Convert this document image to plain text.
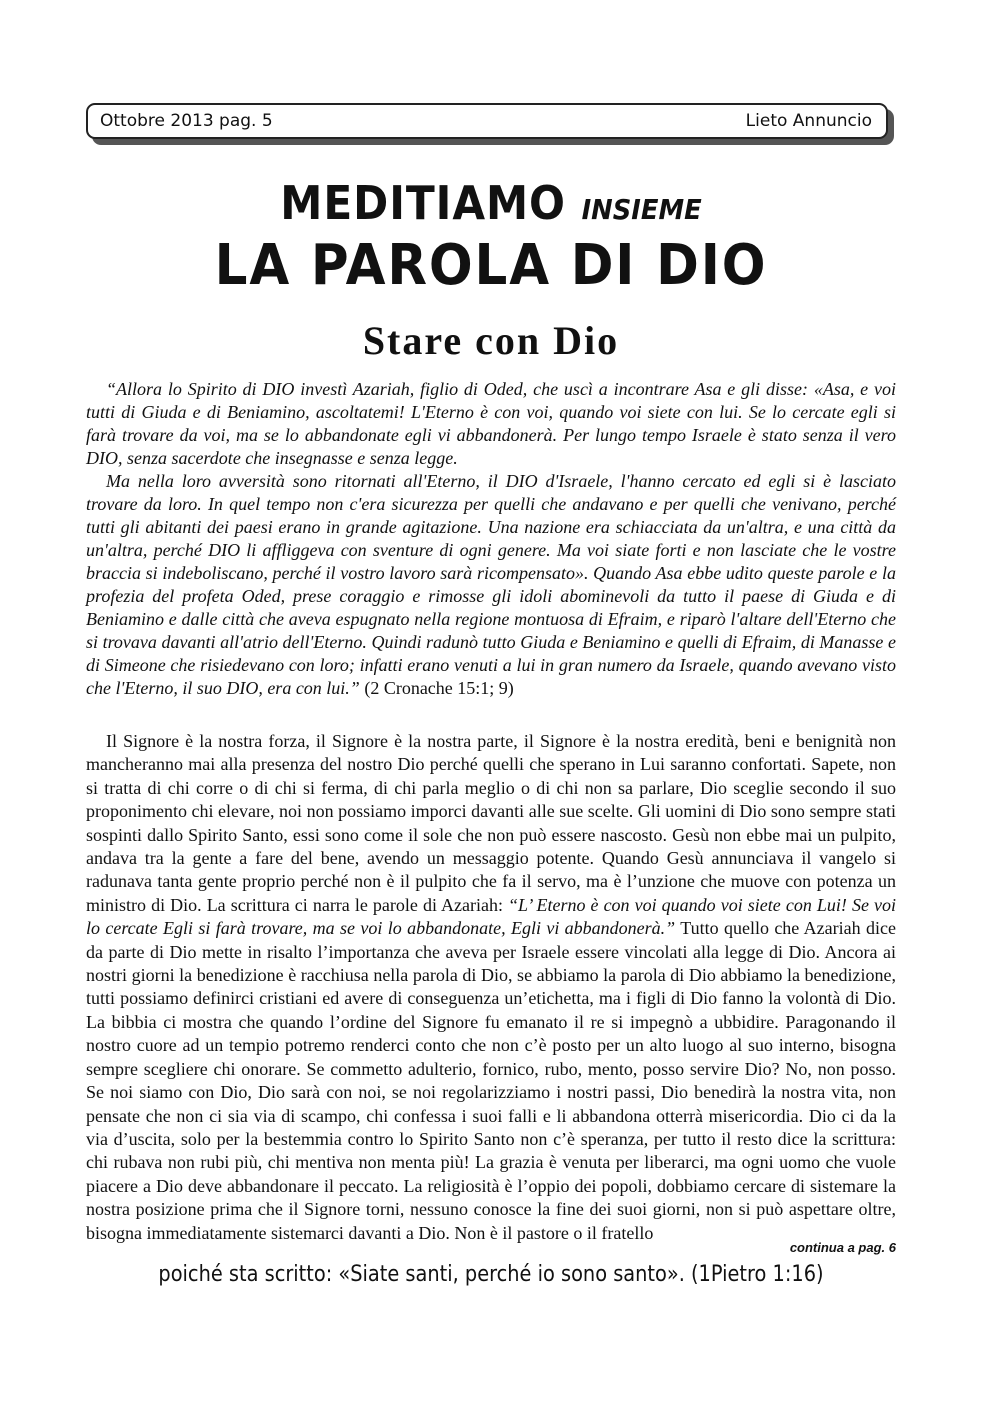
Ottobre 2013 pag. 5	Lieto Annuncio
MEDITIAMO INSIEME
LA PAROLA DI DIO
Stare con Dio

“Allora lo Spirito di DIO investì Azariah, figlio di Oded, che uscì a incontrare Asa e gli disse: «Asa, e voi tutti di Giuda e di Beniamino, ascoltatemi! L'Eterno è con voi, quando voi siete con lui. Se lo cercate egli si farà trovare da voi, ma se lo abbandonate egli vi abbandonerà. Per lungo tempo Israele è stato senza il vero DIO, senza sacerdote che insegnasse e senza legge.

Ma nella loro avversità sono ritornati all'Eterno, il DIO d'Israele, l'hanno cercato ed egli si è lasciato trovare da loro. In quel tempo non c'era sicurezza per quelli che andavano e per quelli che venivano, perché tutti gli abitanti dei paesi erano in grande agitazione. Una nazione era schiacciata da un'altra, e una città da un'altra, perché DIO li affliggeva con sventure di ogni genere. Ma voi siate forti e non lasciate che le vostre braccia si indeboliscano, perché il vostro lavoro sarà ricompensato». Quando Asa ebbe udito queste parole e la profezia del profeta Oded, prese coraggio e rimosse gli idoli abominevoli da tutto il paese di Giuda e di Beniamino e dalle città che aveva espugnato nella regione montuosa di Efraim, e riparò l'altare dell'Eterno che si trovava davanti all'atrio dell'Eterno. Quindi radunò tutto Giuda e Beniamino e quelli di Efraim, di Manasse e di Simeone che risiedevano con loro; infatti erano venuti a lui in gran numero da Israele, quando avevano visto che l'Eterno, il suo DIO, era con lui.” (2 Cronache 15:1; 9)

Il Signore è la nostra forza, il Signore è la nostra parte, il Signore è la nostra eredità, beni e benignità non mancheranno mai alla presenza del nostro Dio perché quelli che sperano in Lui saranno confortati. Sapete, non si tratta di chi corre o di chi si ferma, di chi parla meglio o di chi non sa parlare, Dio sceglie secondo il suo proponimento chi elevare, noi non possiamo imporci davanti alle sue scelte. Gli uomini di Dio sono sempre stati sospinti dallo Spirito Santo, essi sono come il sole che non può essere nascosto. Gesù non ebbe mai un pulpito, andava tra la gente a fare del bene, avendo un messaggio potente. Quando Gesù annunciava il vangelo si radunava tanta gente proprio perché non è il pulpito che fa il servo, ma è l’unzione che muove con potenza un ministro di Dio. La scrittura ci narra le parole di Azariah: “L’ Eterno è con voi quando voi siete con Lui! Se voi lo cercate Egli si farà trovare, ma se voi lo abbandonate, Egli vi abbandonerà.” Tutto quello che Azariah dice da parte di Dio mette in risalto l’importanza che aveva per Israele essere vincolati alla legge di Dio. Ancora ai nostri giorni la benedizione è racchiusa nella parola di Dio, se abbiamo la parola di Dio abbiamo la benedizione, tutti possiamo definirci cristiani ed avere di conseguenza un’etichetta, ma i figli di Dio fanno la volontà di Dio. La bibbia ci mostra che quando l’ordine del Signore fu emanato il re si impegnò a ubbidire. Paragonando il nostro cuore ad un tempio potremo renderci conto che non c’è posto per un alto luogo al suo interno, bisogna sempre scegliere chi onorare. Se commetto adulterio, fornico, rubo, mento, posso servire Dio? No, non posso. Se noi siamo con Dio, Dio sarà con noi, se noi regolarizziamo i nostri passi, Dio benedirà la nostra vita, non pensate che non ci sia via di scampo, chi confessa i suoi falli e li abbandona otterrà misericordia. Dio ci da la via d’uscita, solo per la bestemmia contro lo Spirito Santo non c’è speranza, per tutto il resto dice la scrittura: chi rubava non rubi più, chi mentiva non menta più! La grazia è venuta per liberarci, ma ogni uomo che vuole piacere a Dio deve abbandonare il peccato. La religiosità è l’oppio dei popoli, dobbiamo cercare di sistemare la nostra posizione prima che il Signore torni, nessuno conosce la fine dei suoi giorni, non si può aspettare oltre, bisogna immediatamente sistemarci davanti a Dio. Non è il pastore o il fratello

continua a pag. 6
poiché sta scritto: «Siate santi, perché io sono santo». (1Pietro 1:16)
